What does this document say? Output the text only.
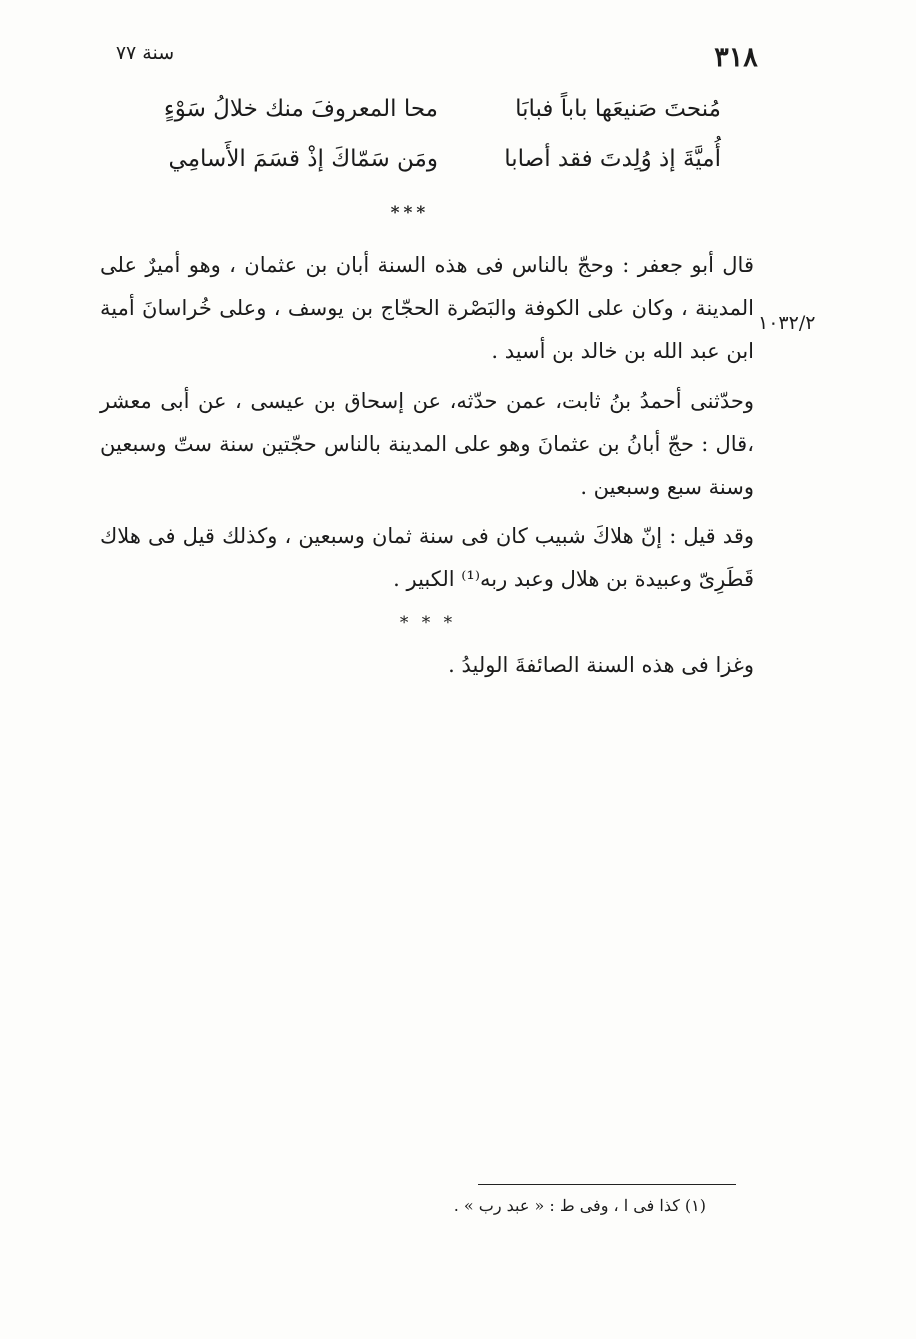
٣١٨
سنة ٧٧
مُنحتَ صَنيعَها باباً فبابَا
محا المعروفَ منك خلالُ سَوْءٍ
أُميَّةَ إذ وُلِدتَ فقد أصابا
ومَن سَمّاكَ إذْ قسَمَ الأَسامِي
***
قال أبو جعفر : وحجّ بالناس فى هذه السنة أبان بن عثمان ، وهو أميرٌ على المدينة ، وكان على الكوفة والبَصْرة الحجّاج بن يوسف ، وعلى خُراسانَ أمية ابن عبد الله بن خالد بن أسيد .
١٠٣٢/٢
وحدّثنى أحمدُ بنُ ثابت، عمن حدّثه، عن إسحاق بن عيسى ، عن أبى معشر ،قال : حجّ أبانُ بن عثمانَ وهو على المدينة بالناس حجّتين سنة ستّ وسبعين وسنة سبع وسبعين .
وقد قيل : إنّ هلاكَ شبيب كان فى سنة ثمان وسبعين ، وكذلك قيل فى هلاك قَطَرِىّ وعبيدة بن هلال وعبد ربه⁽¹⁾ الكبير .
* * *
وغزا فى هذه السنة الصائفةَ الوليدُ .
(١) كذا فى ا ، وفى ط : « عبد رب » .
